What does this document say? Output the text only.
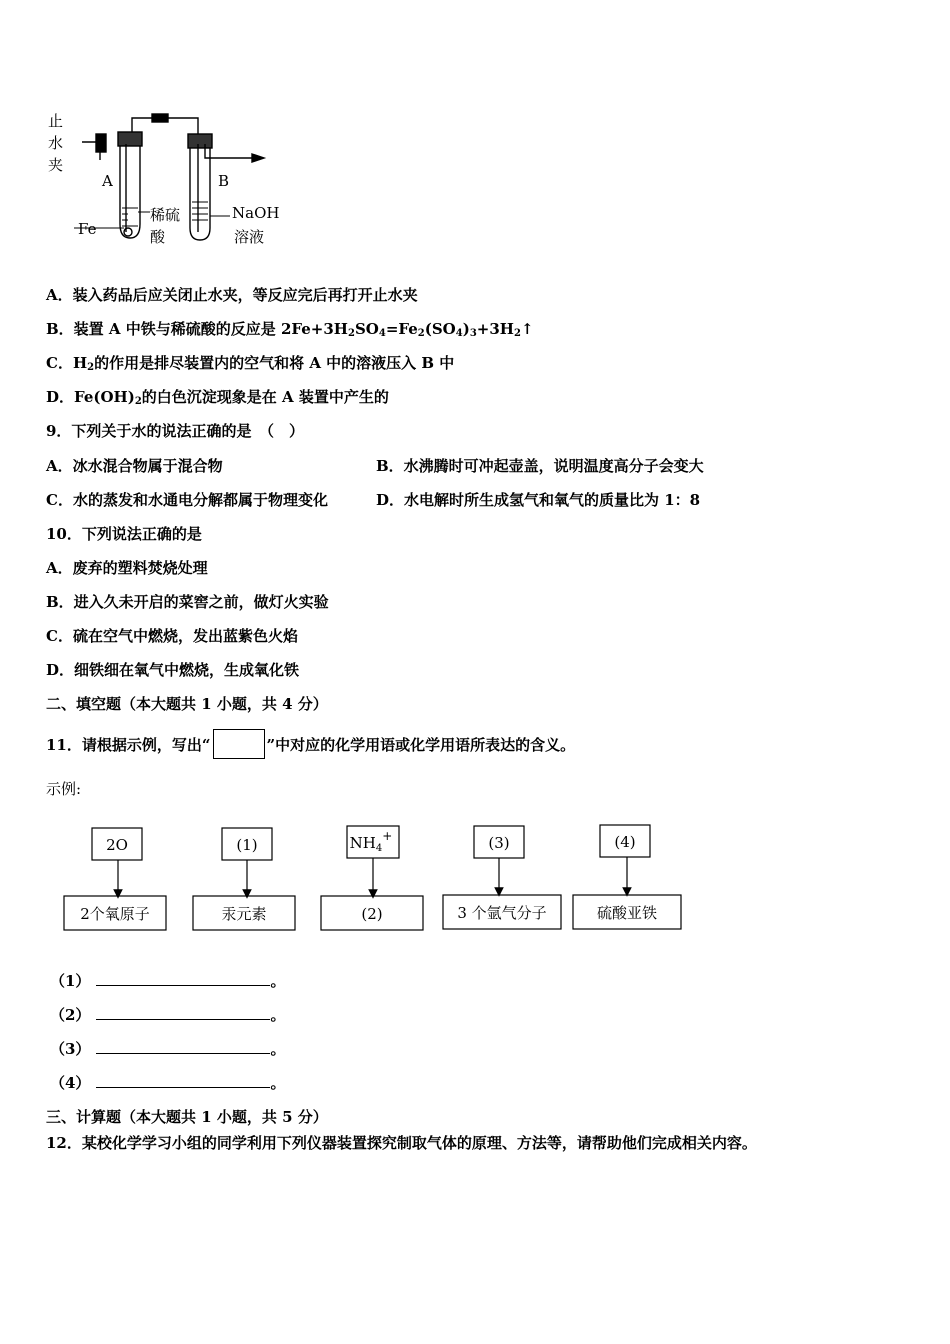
止
水
夹
A	B
Fe
稀硫
酸
NaOH
溶液
A．装入药品后应关闭止水夹，等反应完后再打开止水夹
B．装置 A 中铁与稀硫酸的反应是 $2Fe+3H_2SO_4=Fe_2(SO_4)_3+3H_2↑$
C．$H_2$的作用是排尽装置内的空气和将 A 中的溶液压入 B 中
D．$Fe(OH)_2$的白色沉淀现象是在 A 装置中产生的
9．下列关于水的说法正确的是　（　）
A．冰水混合物属于混合物	B．水沸腾时可冲起壶盖，说明温度高分子会变大
C．水的蒸发和水通电分解都属于物理变化	D．水电解时所生成氢气和氧气的质量比为 1：8
10．下列说法正确的是
A．废弃的塑料焚烧处理
B．进入久未开启的菜窖之前，做灯火实验
C．硫在空气中燃烧，发出蓝紫色火焰
D．细铁细在氧气中燃烧，生成氧化铁
二、填空题（本大题共 1 小题，共 4 分）
11．请根据示例，写出“	”中对应的化学用语或化学用语所表达的含义。
示例:
2O	(1)	$NH_4^+$	(3)	(4)
2个氧原子	汞元素	(2)	3 个氩气分子	硫酸亚铁
（1）	。
（2）	。
（3）	。
（4）	。
三、计算题（本大题共 1 小题，共 5 分）
12．某校化学学习小组的同学利用下列仪器装置探究制取气体的原理、方法等，请帮助他们完成相关内容。
